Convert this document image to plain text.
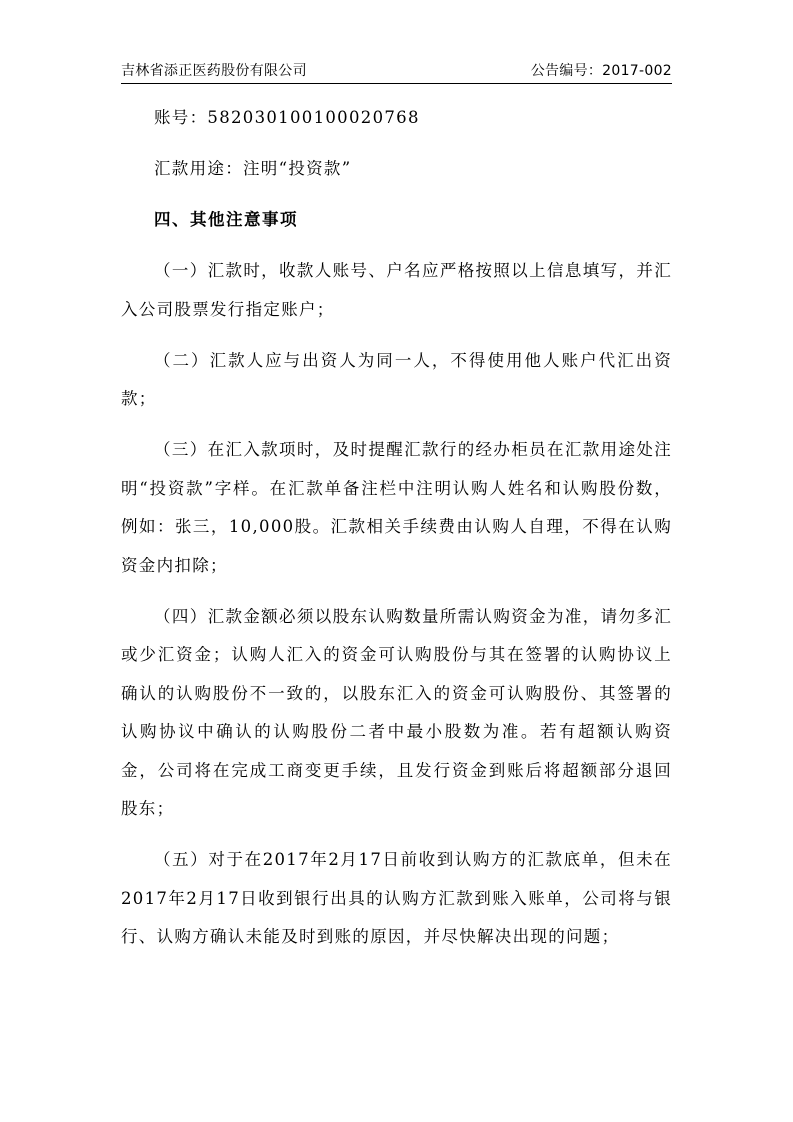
吉林省添正医药股份有限公司	公告编号：2017-002

账号：582030100100020768

汇款用途：注明“投资款”

四、其他注意事项

（一）汇款时，收款人账号、户名应严格按照以上信息填写，并汇入公司股票发行指定账户；

（二）汇款人应与出资人为同一人，不得使用他人账户代汇出资款；

（三）在汇入款项时，及时提醒汇款行的经办柜员在汇款用途处注明“投资款”字样。在汇款单备注栏中注明认购人姓名和认购股份数，例如：张三，10,000股。汇款相关手续费由认购人自理，不得在认购资金内扣除；

（四）汇款金额必须以股东认购数量所需认购资金为准，请勿多汇或少汇资金；认购人汇入的资金可认购股份与其在签署的认购协议上确认的认购股份不一致的，以股东汇入的资金可认购股份、其签署的认购协议中确认的认购股份二者中最小股数为准。若有超额认购资金，公司将在完成工商变更手续，且发行资金到账后将超额部分退回股东；

（五）对于在2017年2月17日前收到认购方的汇款底单，但未在2017年2月17日收到银行出具的认购方汇款到账入账单，公司将与银行、认购方确认未能及时到账的原因，并尽快解决出现的问题；
